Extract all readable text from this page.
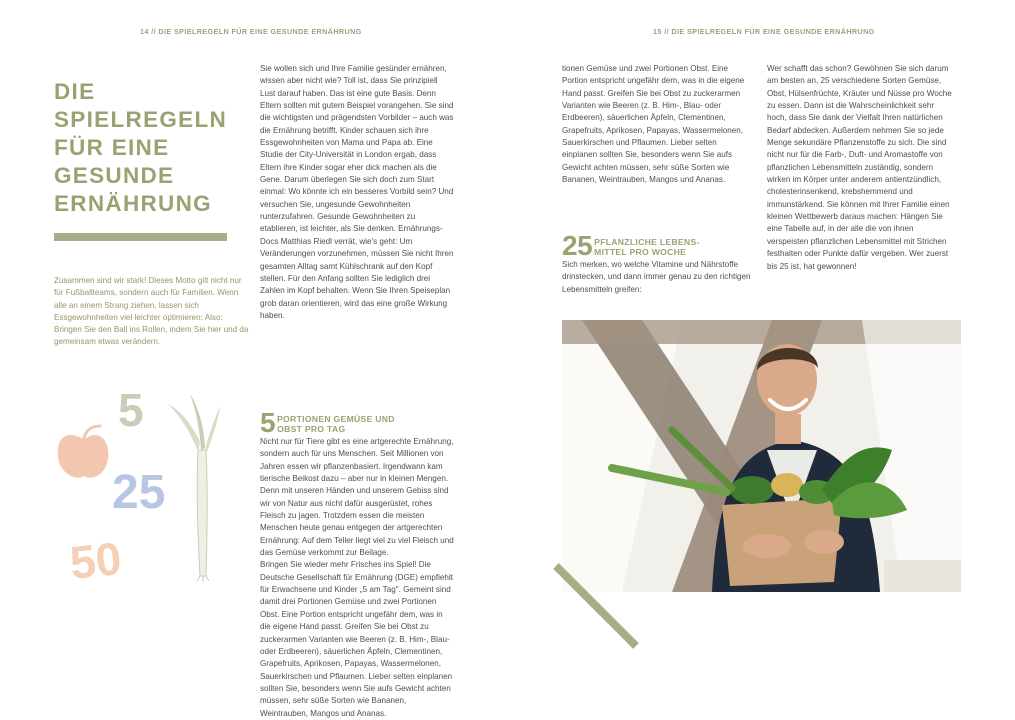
14 // DIE SPIELREGELN FÜR EINE GESUNDE ERNÄHRUNG	15 // DIE SPIELREGELN FÜR EINE GESUNDE ERNÄHRUNG
DIE
SPIELREGELN
FÜR EINE
GESUNDE
ERNÄHRUNG
Zusammen sind wir stark! Dieses Motto gilt nicht nur für Fußballteams, sondern auch für Familien. Wenn alle an einem Strang ziehen, lassen sich Essgewohnheiten viel leichter optimieren: Also: Bringen Sie den Ball ins Rollen, indem Sie hier und da gemeinsam etwas verändern.
5
25
50
Sie wollen sich und Ihre Familie gesünder ernähren, wissen aber nicht wie? Toll ist, dass Sie prinzipiell Lust darauf haben. Das ist eine gute Basis. Denn Eltern sollten mit gutem Beispiel vorangehen. Sie sind die wichtigsten und prägendsten Vorbilder – auch was die Ernährung betrifft. Kinder schauen sich ihre Essgewohnheiten von Mama und Papa ab. Eine Studie der City-Universität in London ergab, dass Eltern ihre Kinder sogar eher dick machen als die Gene. Darum überlegen Sie sich doch zum Start einmal: Wo könnte ich ein besseres Vorbild sein? Und versuchen Sie, ungesunde Gewohnheiten runterzufahren. Gesunde Gewohnheiten zu etablieren, ist leichter, als Sie denken. Ernährungs-Docs Matthias Riedl verrät, wie's geht: Um Veränderungen vorzunehmen, müssen Sie nicht Ihren gesamten Alltag samt Kühlschrank auf den Kopf stellen. Für den Anfang sollten Sie lediglich drei Zahlen im Kopf behalten. Wenn Sie Ihren Speiseplan grob daran orientieren, wird das eine große Wirkung haben.
5 PORTIONEN GEMÜSE UND
OBST PRO TAG

Nicht nur für Tiere gibt es eine artgerechte Ernährung, sondern auch für uns Menschen. Seit Millionen von Jahren essen wir pflanzenbasiert. Irgendwann kam tierische Beikost dazu – aber nur in kleinen Mengen. Denn mit unseren Händen und unserem Gebiss sind wir von Natur aus nicht dafür ausgerüstet, rohes Fleisch zu jagen. Trotzdem essen die meisten Menschen heute genau entgegen der artgerechten Ernährung: Auf dem Teller liegt viel zu viel Fleisch und das Gemüse verkommt zur Beilage.

Bringen Sie wieder mehr Frisches ins Spiel! Die Deutsche Gesellschaft für Ernährung (DGE) empfiehlt für Erwachsene und Kinder „5 am Tag". Gemeint sind damit drei Portionen Gemüse und zwei Portionen Obst. Eine Portion entspricht ungefähr dem, was in die eigene Hand passt. Greifen Sie bei Obst zu zuckerarmen Varianten wie Beeren (z. B. Him-, Blau- oder Erdbeeren), säuerlichen Äpfeln, Clementinen, Grapefruits, Aprikosen, Papayas, Wassermelonen, Sauerkirschen und Pflaumen. Lieber selten einplanen sollten Sie, besonders wenn Sie aufs Gewicht achten müssen, sehr süße Sorten wie Bananen, Weintrauben, Mangos und Ananas.

tionen Gemüse und zwei Portionen Obst. Eine Portion entspricht ungefähr dem, was in die eigene Hand passt. Greifen Sie bei Obst zu zuckerarmen Varianten wie Beeren (z. B. Him-, Blau- oder Erdbeeren), säuerlichen Äpfeln, Clementinen, Grapefruits, Aprikosen, Papayas, Wassermelonen, Sauerkirschen und Pflaumen. Lieber selten einplanen sollten Sie, besonders wenn Sie aufs Gewicht achten müssen, sehr süße Sorten wie Bananen, Weintrauben, Mangos und Ananas.

25 PFLANZLICHE LEBENS-
MITTEL PRO WOCHE

Sich merken, wo welche Vitamine und Nährstoffe drinstecken, und dann immer genau zu den richtigen Lebensmitteln greifen:

Wer schafft das schon? Gewöhnen Sie sich darum am besten an, 25 verschiedene Sorten Gemüse, Obst, Hülsenfrüchte, Kräuter und Nüsse pro Woche zu essen. Dann ist die Wahrscheinlichkeit sehr hoch, dass Sie dank der Vielfalt Ihren natürlichen Bedarf abdecken. Außerdem nehmen Sie so jede Menge sekundäre Pflanzenstoffe zu sich. Die sind nicht nur für die Farb-, Duft- und Aromastoffe von pflanzlichen Lebensmitteln zuständig, sondern wirken im Körper unter anderem antientzündlich, cholesterinsenkend, krebshemmend und immunstärkend. Sie können mit Ihrer Familie einen kleinen Wettbewerb daraus machen: Hängen Sie eine Tabelle auf, in der alle die von ihnen verspeisten pflanzlichen Lebensmittel mit Strichen festhalten oder Punkte dafür vergeben. Wer zuerst bis 25 ist, hat gewonnen!
